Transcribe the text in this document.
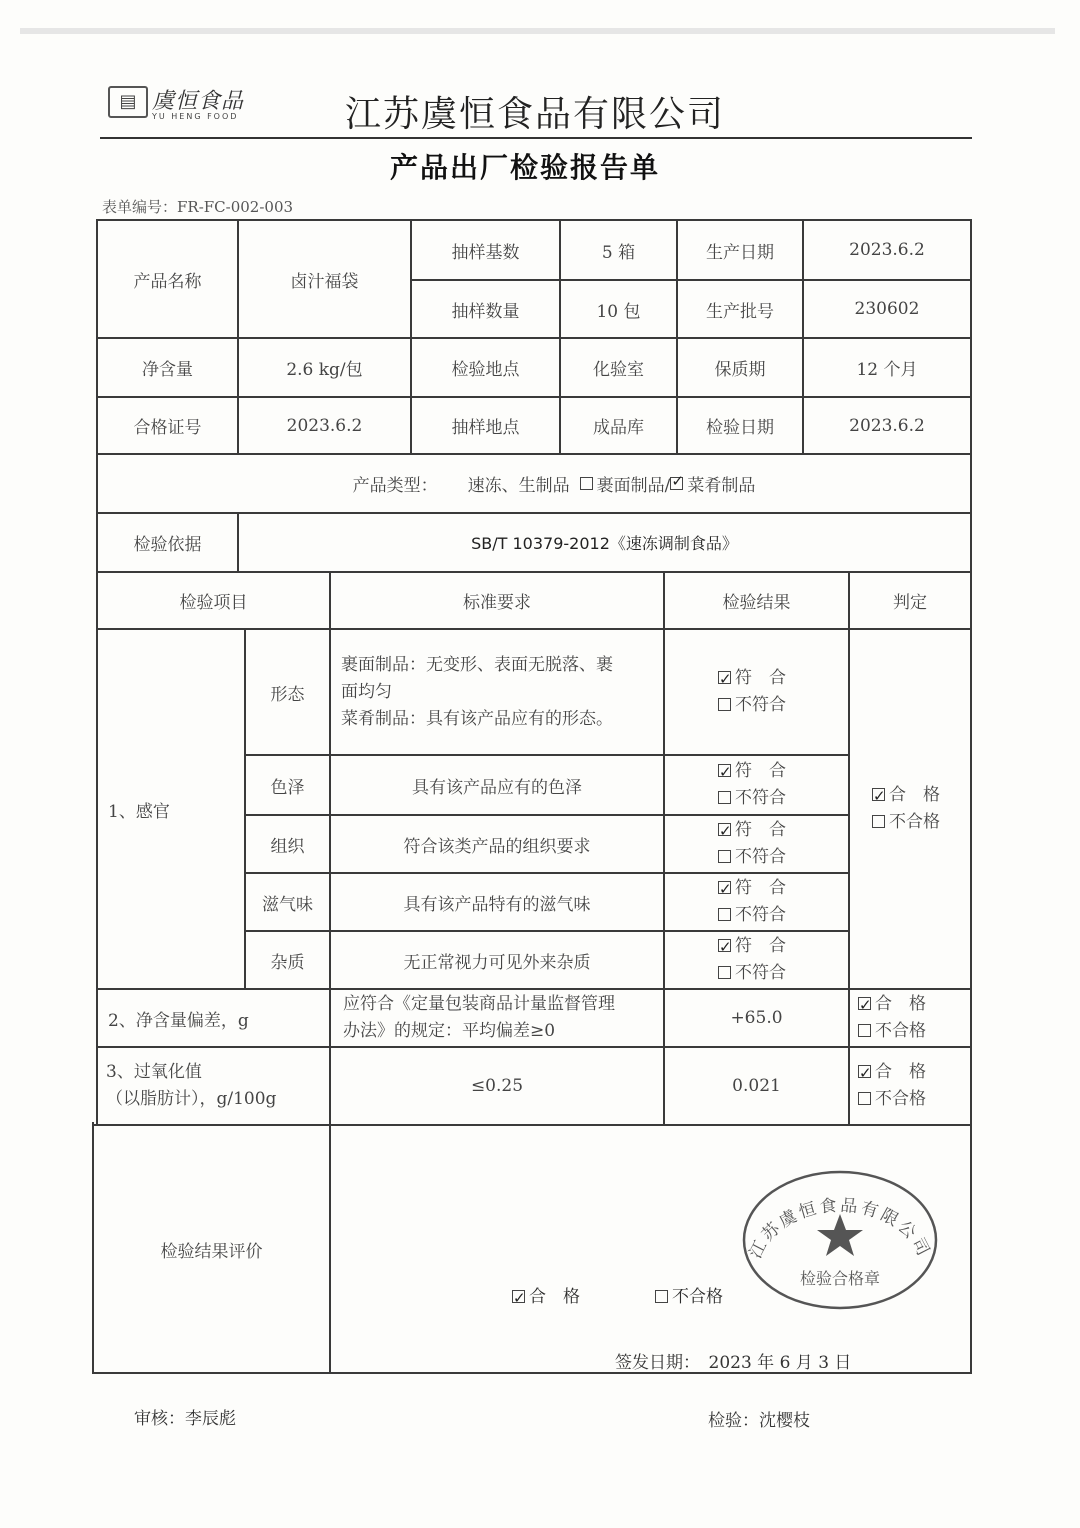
▤ 虞恒食品
YU HENG FOOD	江苏虞恒食品有限公司
产品出厂检验报告单
表单编号：FR-FC-002-003
产品名称	卤汁福袋
抽样基数	5 箱	生产日期	2023.6.2
抽样数量	10 包	生产批号	230602
净含量	2.6 kg/包	检验地点	化验室	保质期	12 个月
合格证号	2023.6.2	抽样地点	成品库	检验日期	2023.6.2
产品类型： 速冻、生制品 裹面制品/
✓ 菜肴制品
检验依据	SB/T 10379-2012《速冻调制食品》
检验项目	标准要求	检验结果	判定
1、感官
形态
裹面制品：无变形、表面无脱落、裹
面均匀
菜肴制品：具有该产品应有的形态。
✓符　合
不符合
色泽	具有该产品应有的色泽
✓符　合
不符合
组织	符合该类产品的组织要求
✓符　合
不符合
滋气味	具有该产品特有的滋气味
✓符　合
不符合
杂质	无正常视力可见外来杂质
✓符　合
不符合
✓合　格
不合格
2、净含量偏差，g
应符合《定量包装商品计量监督管理
办法》的规定：平均偏差≥0
+65.0
✓合　格
不合格
3、过氧化值
（以脂肪计），g/100g
≤0.25	0.021
✓合　格
不合格
检验结果评价
✓合　格	不合格
签发日期：　2023 年 6 月 3 日
江苏虞恒食品有限公司
检验合格章
审核：李辰彪	检验：沈樱枝
